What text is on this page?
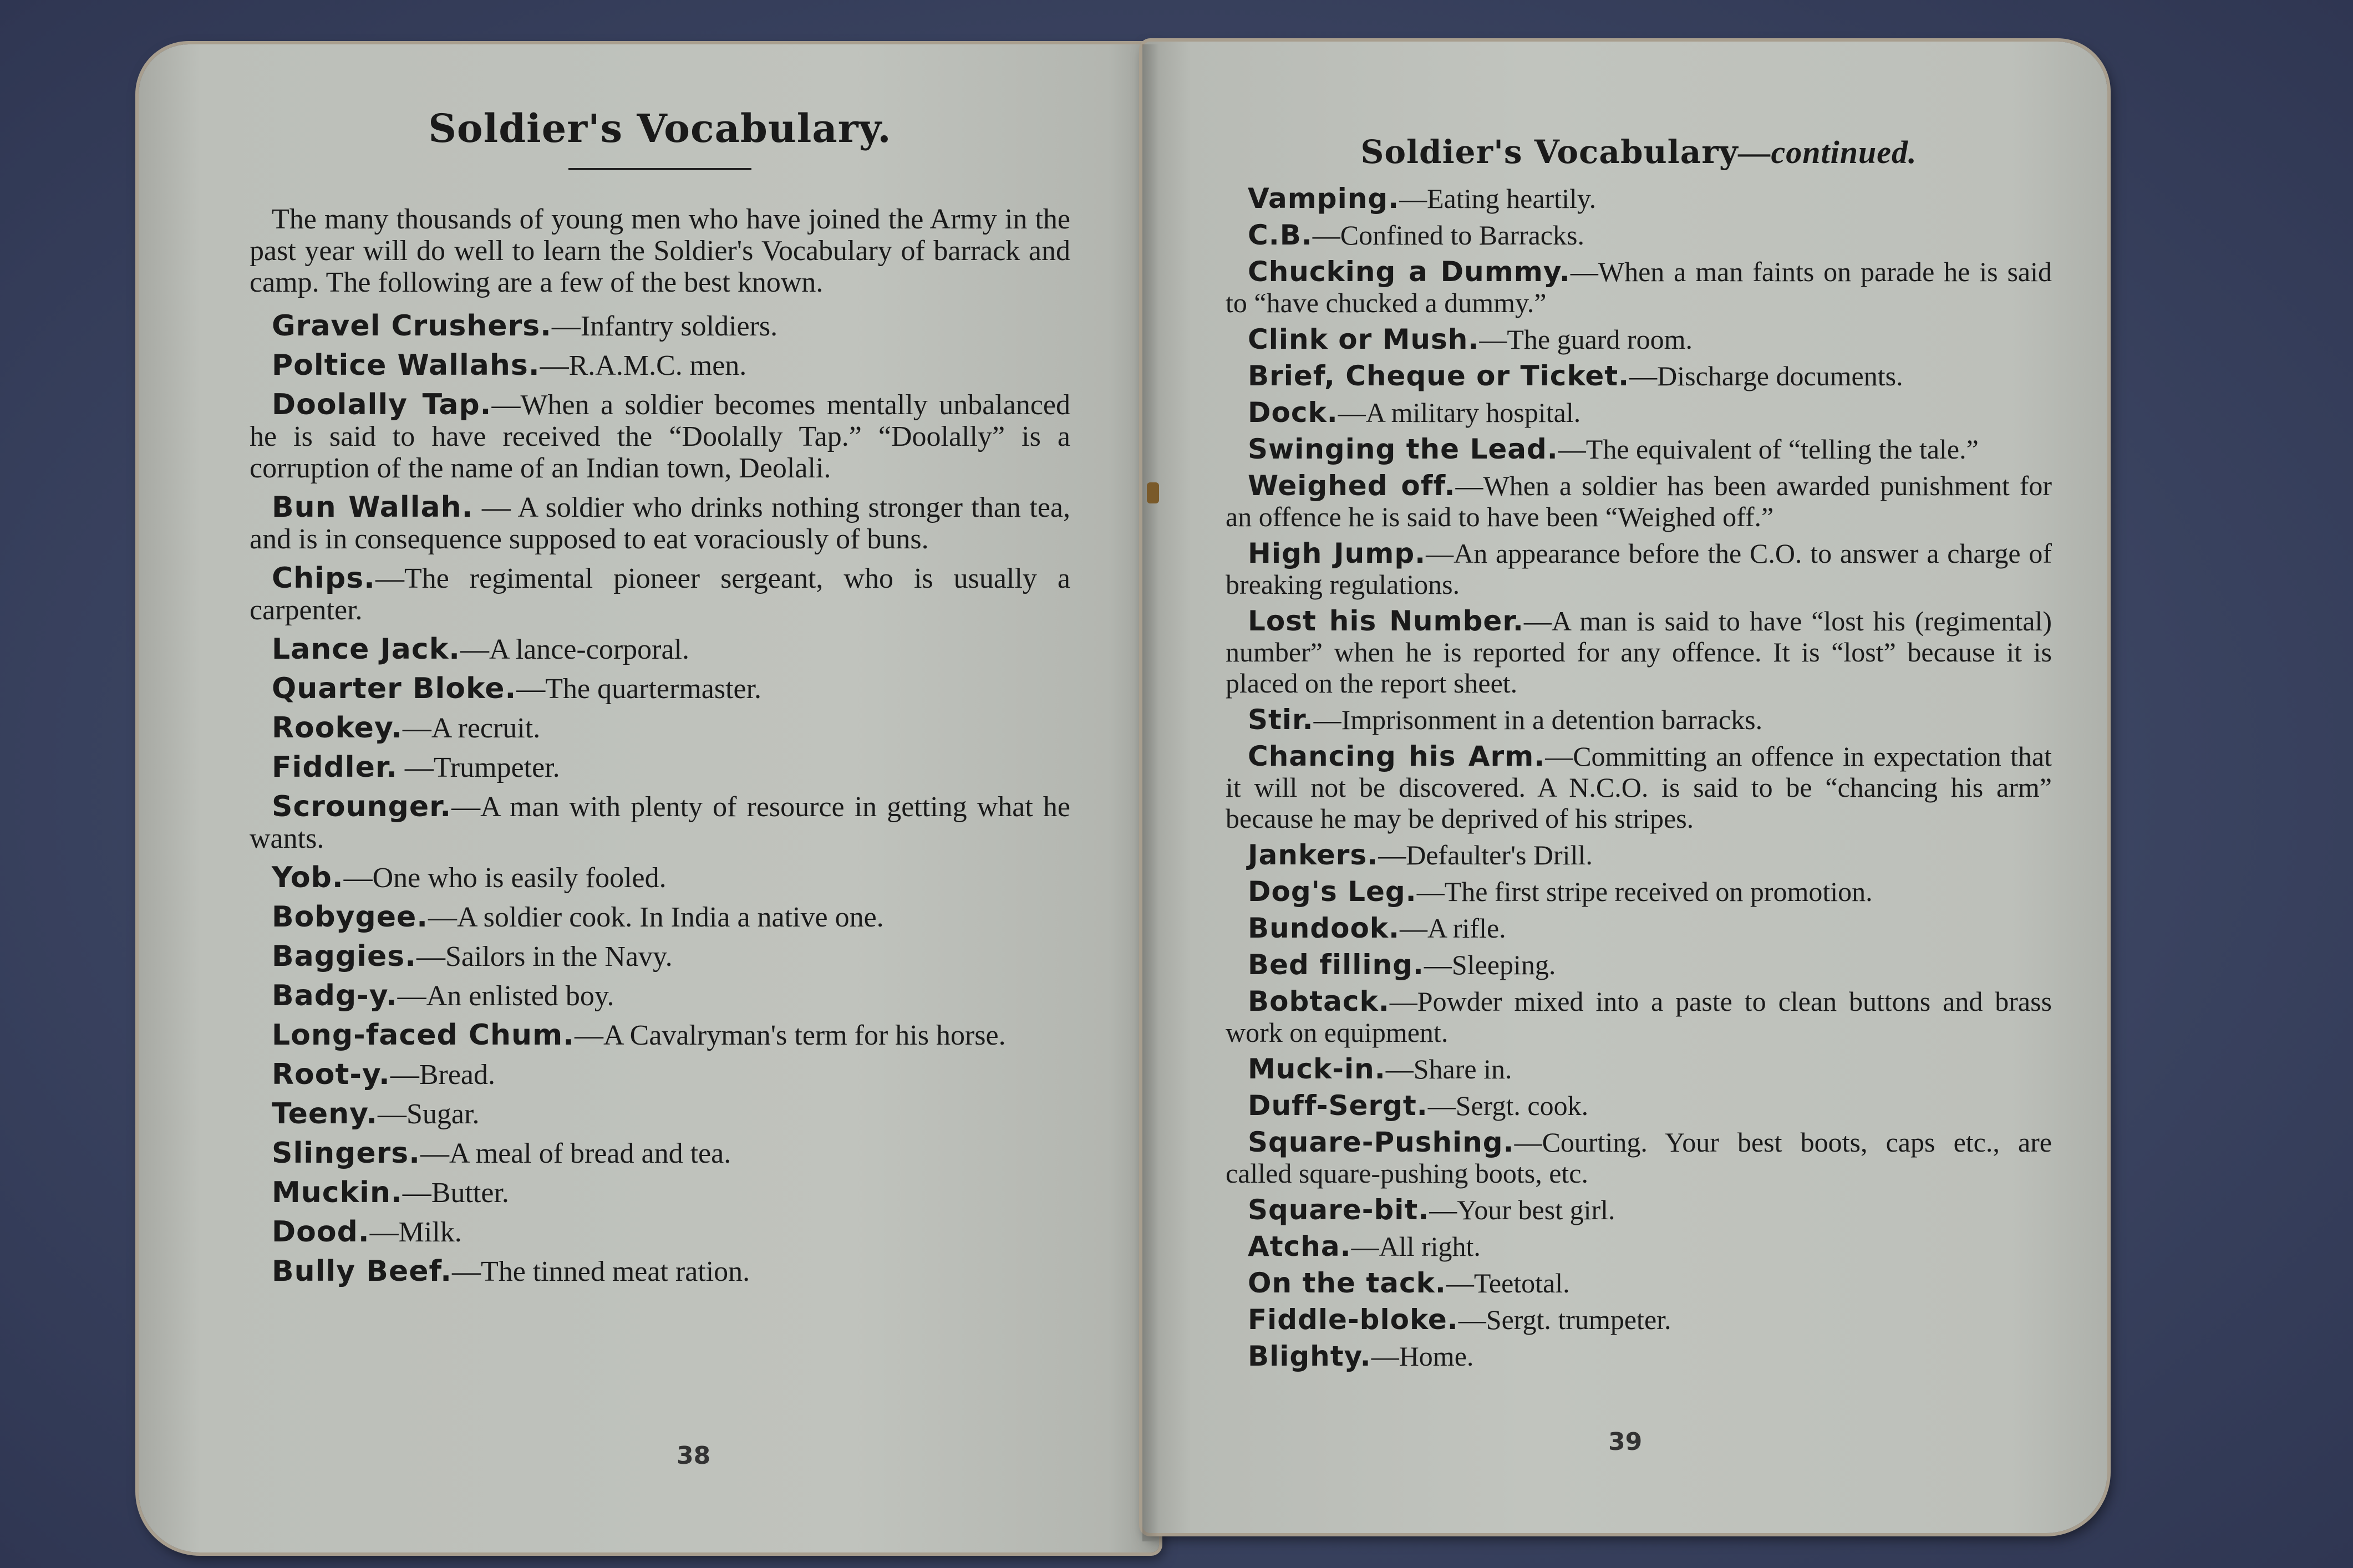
Soldier's Vocabulary.

The many thousands of young men who have joined the Army in the past year will do well to learn the Soldier's Vocabulary of barrack and camp. The following are a few of the best known.

Gravel Crushers.—Infantry soldiers.

Poltice Wallahs.—R.A.M.C. men.

Doolally Tap.—When a soldier becomes mentally unbalanced he is said to have received the “Doolally Tap.” “Doolally” is a corruption of the name of an Indian town, Deolali.

Bun Wallah. — A soldier who drinks nothing stronger than tea, and is in consequence supposed to eat voraciously of buns.

Chips.—The regimental pioneer sergeant, who is usually a carpenter.

Lance Jack.—A lance-corporal.

Quarter Bloke.—The quartermaster.

Rookey.—A recruit.

Fiddler. —Trumpeter.

Scrounger.—A man with plenty of resource in getting what he wants.

Yob.—One who is easily fooled.

Bobygee.—A soldier cook. In India a native one.

Baggies.—Sailors in the Navy.

Badg-y.—An enlisted boy.

Long-faced Chum.—A Cavalryman's term for his horse.

Root-y.—Bread.

Teeny.—Sugar.

Slingers.—A meal of bread and tea.

Muckin.—Butter.

Dood.—Milk.

Bully Beef.—The tinned meat ration.

38
Soldier's Vocabulary—continued.

Vamping.—Eating heartily.

C.B.—Confined to Barracks.

Chucking a Dummy.—When a man faints on parade he is said to “have chucked a dummy.”

Clink or Mush.—The guard room.

Brief, Cheque or Ticket.—Discharge documents.

Dock.—A military hospital.

Swinging the Lead.—The equivalent of “telling the tale.”

Weighed off.—When a soldier has been awarded punishment for an offence he is said to have been “Weighed off.”

High Jump.—An appearance before the C.O. to answer a charge of breaking regulations.

Lost his Number.—A man is said to have “lost his (regimental) number” when he is reported for any offence. It is “lost” because it is placed on the report sheet.

Stir.—Imprisonment in a detention barracks.

Chancing his Arm.—Committing an offence in expectation that it will not be discovered. A N.C.O. is said to be “chancing his arm” because he may be deprived of his stripes.

Jankers.—Defaulter's Drill.

Dog's Leg.—The first stripe received on promotion.

Bundook.—A rifle.

Bed filling.—Sleeping.

Bobtack.—Powder mixed into a paste to clean buttons and brass work on equipment.

Muck-in.—Share in.

Duff-Sergt.—Sergt. cook.

Square-Pushing.—Courting. Your best boots, caps etc., are called square-pushing boots, etc.

Square-bit.—Your best girl.

Atcha.—All right.

On the tack.—Teetotal.

Fiddle-bloke.—Sergt. trumpeter.

Blighty.—Home.

39
